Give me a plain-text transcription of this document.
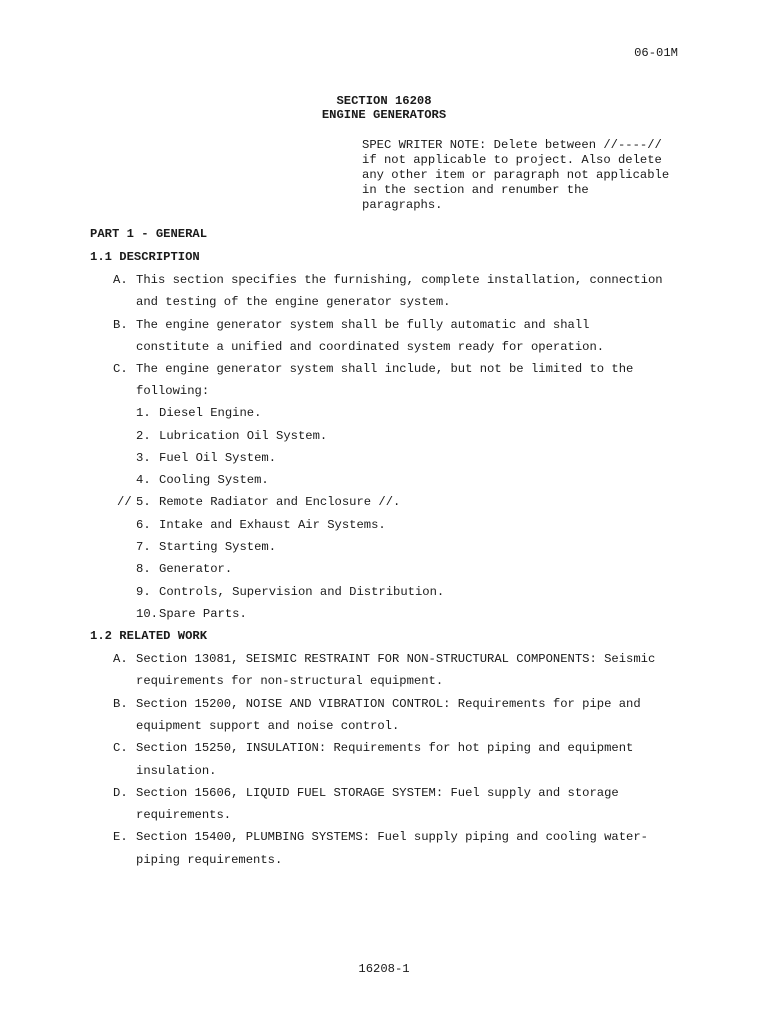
06-01M
SECTION 16208
ENGINE GENERATORS
SPEC WRITER NOTE: Delete between //----//
if not applicable to project. Also delete
any other item or paragraph not applicable
in the section and renumber the
paragraphs.
PART 1 - GENERAL
1.1 DESCRIPTION
A. This section specifies the furnishing, complete installation, connection
and testing of the engine generator system.
B. The engine generator system shall be fully automatic and shall
constitute a unified and coordinated system ready for operation.
C. The engine generator system shall include, but not be limited to the
following:
1. Diesel Engine.
2. Lubrication Oil System.
3. Fuel Oil System.
4. Cooling System.
// 5. Remote Radiator and Enclosure //.
6. Intake and Exhaust Air Systems.
7. Starting System.
8. Generator.
9. Controls, Supervision and Distribution.
10. Spare Parts.
1.2 RELATED WORK
A. Section 13081, SEISMIC RESTRAINT FOR NON-STRUCTURAL COMPONENTS: Seismic
requirements for non-structural equipment.
B. Section 15200, NOISE AND VIBRATION CONTROL: Requirements for pipe and
equipment support and noise control.
C. Section 15250, INSULATION: Requirements for hot piping and equipment
insulation.
D. Section 15606, LIQUID FUEL STORAGE SYSTEM: Fuel supply and storage
requirements.
E. Section 15400, PLUMBING SYSTEMS: Fuel supply piping and cooling water-
piping requirements.
16208-1
